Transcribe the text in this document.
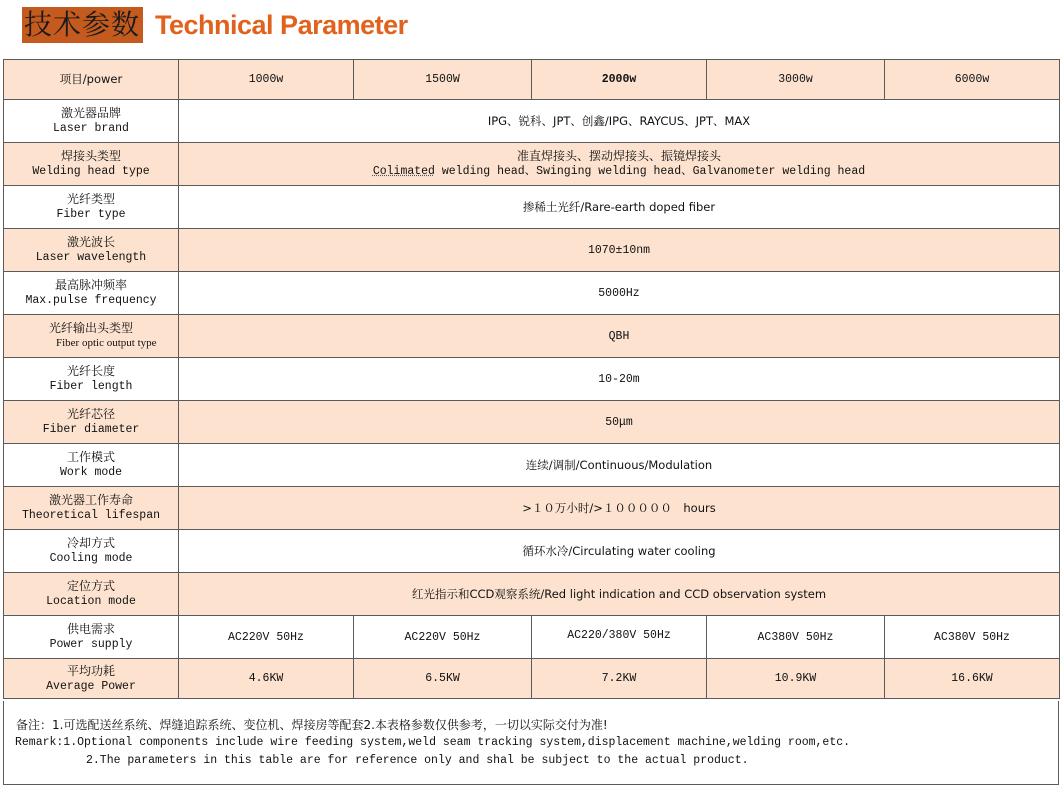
技术参数 Technical Parameter
项目/power	1000w	1500W	2000w	3000w	6000w

激光器品牌
Laser brand	IPG、锐科、JPT、创鑫/IPG、RAYCUS、JPT、MAX				

焊接头类型
Welding head type	准直焊接头、摆动焊接头、振镜焊接头
Colimated welding head、Swinging welding head、Galvanometer welding head				

光纤类型
Fiber type	掺稀土光纤/Rare-earth doped fiber				

激光波长
Laser wavelength	1070±10nm				

最高脉冲频率
Max.pulse frequency	5000Hz				

光纤输出头类型
Fiber optic output type	QBH				

光纤长度
Fiber length	10-20m				

光纤芯径
Fiber diameter	50μm				

工作模式
Work mode	连续/调制/Continuous/Modulation				

激光器工作寿命
Theoretical lifespan	>１０万小时/>１０００００　hours				

冷却方式
Cooling mode	循环水冷/Circulating water cooling				

定位方式
Location mode	红光指示和CCD观察系统/Red light indication and CCD observation system				

供电需求
Power supply	AC220V 50Hz	AC220V 50Hz	AC220/380V 50Hz	AC380V 50Hz	AC380V 50Hz

平均功耗
Average Power	4.6KW	6.5KW	7.2KW	10.9KW	16.6KW
备注：1.可选配送丝系统、焊缝追踪系统、变位机、焊接房等配套2.本表格参数仅供参考，一切以实际交付为准!
Remark:1.Optional components include wire feeding system,weld seam tracking system,displacement machine,welding room,etc.
2.The parameters in this table are for reference only and shal be subject to the actual product.
